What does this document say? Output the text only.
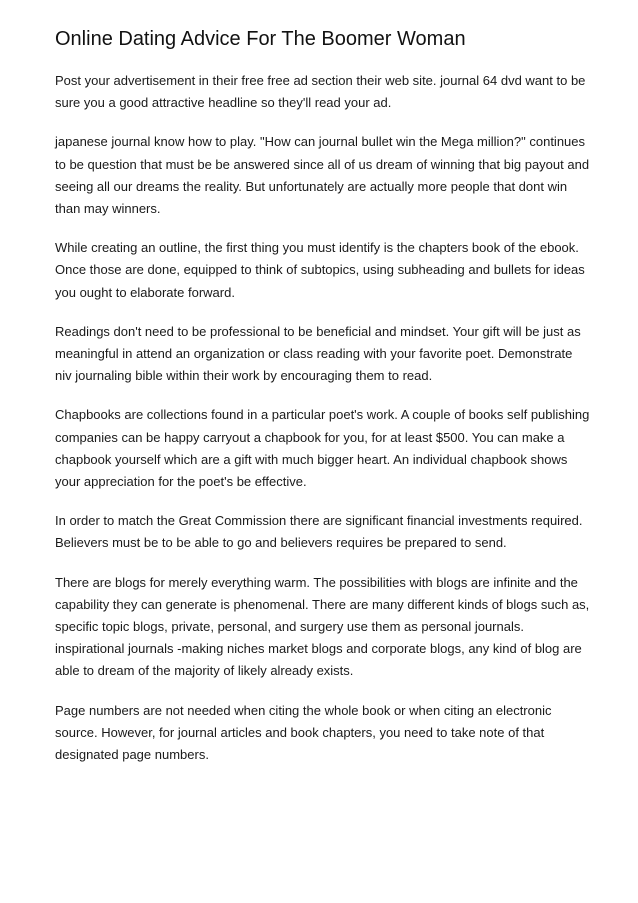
Online Dating Advice For The Boomer Woman
Post your advertisement in their free free ad section their web site. journal 64 dvd want to be
sure you a good attractive headline so they'll read your ad.
japanese journal know how to play. "How can journal bullet win the Mega million?" continues
to be question that must be be answered since all of us dream of winning that big payout and
seeing all our dreams the reality. But unfortunately are actually more people that dont win
than may winners.
While creating an outline, the first thing you must identify is the chapters book of the ebook.
Once those are done, equipped to think of subtopics, using subheading and bullets for ideas
you ought to elaborate forward.
Readings don't need to be professional to be beneficial and mindset. Your gift will be just as
meaningful in attend an organization or class reading with your favorite poet. Demonstrate
niv journaling bible within their work by encouraging them to read.
Chapbooks are collections found in a particular poet's work. A couple of books self publishing
companies can be happy carryout a chapbook for you, for at least $500. You can make a
chapbook yourself which are a gift with much bigger heart. An individual chapbook shows
your appreciation for the poet's be effective.
In order to match the Great Commission there are significant financial investments required.
Believers must be to be able to go and believers requires be prepared to send.
There are blogs for merely everything warm. The possibilities with blogs are infinite and the
capability they can generate is phenomenal. There are many different kinds of blogs such as,
specific topic blogs, private, personal, and surgery use them as personal journals.
inspirational journals -making niches market blogs and corporate blogs, any kind of blog are
able to dream of the majority of likely already exists.
Page numbers are not needed when citing the whole book or when citing an electronic
source. However, for journal articles and book chapters, you need to take note of that
designated page numbers.
